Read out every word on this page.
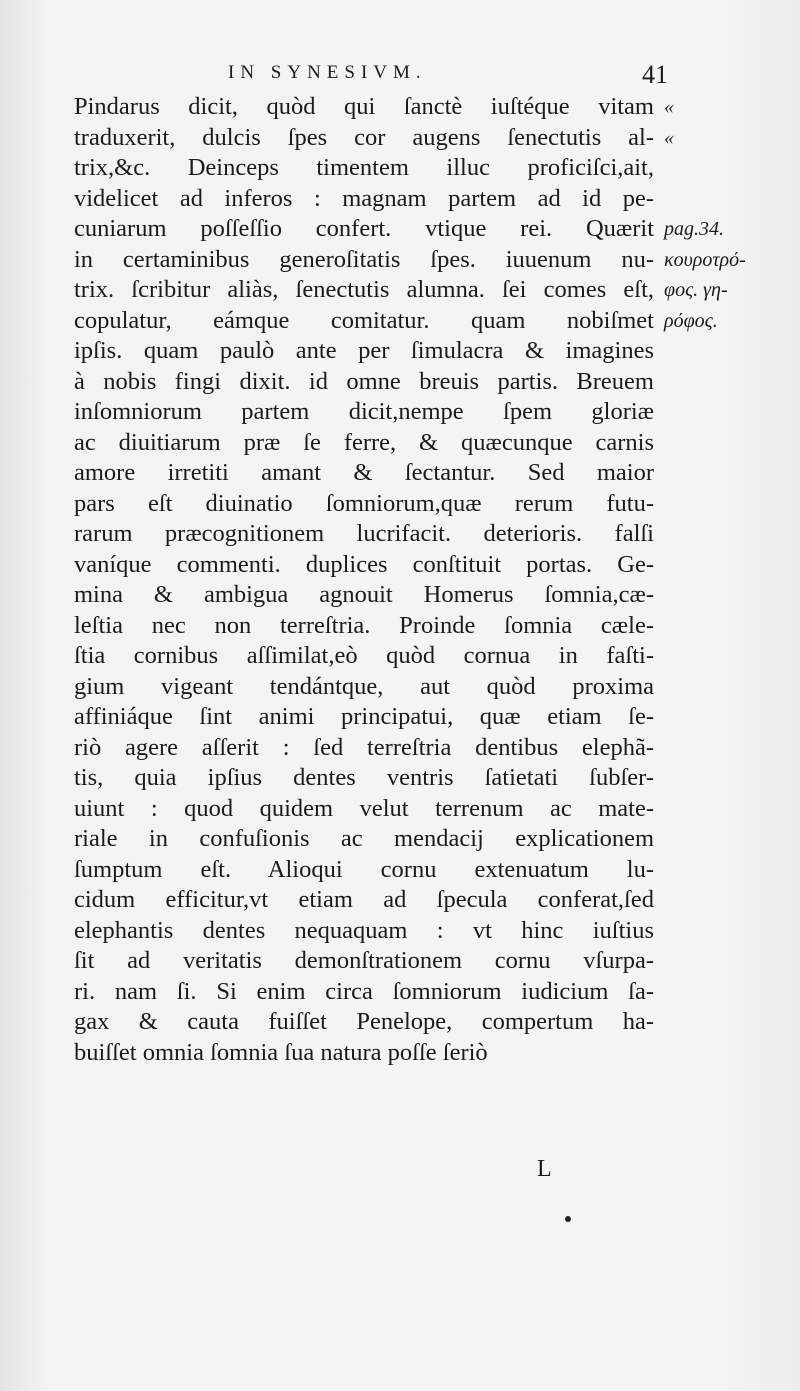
IN SYNESIVM.	41
Pindarus dicit, quòd qui ſanctè iuſtéque vitam
traduxerit, dulcis ſpes cor augens ſenectutis al-
trix,&c. Deinceps timentem illuc proficiſci,ait,
videlicet ad inferos : magnam partem ad id pe-
cuniarum poſſeſſio confert. vtique rei. Quærit
in certaminibus generoſitatis ſpes. iuuenum nu-
trix. ſcribitur aliàs, ſenectutis alumna. ſei comes eſt,
copulatur, eámque comitatur. quam nobiſmet
ipſis. quam paulò ante per ſimulacra & imagines
à nobis fingi dixit. id omne breuis partis. Breuem
inſomniorum partem dicit,nempe ſpem gloriæ
ac diuitiarum præ ſe ferre, & quæcunque carnis
amore irretiti amant & ſectantur. Sed maior
pars eſt diuinatio ſomniorum,quæ rerum futu-
rarum præcognitionem lucrifacit. deterioris. falſi
vaníque commenti. duplices conſtituit portas. Ge-
mina & ambigua agnouit Homerus ſomnia,cæ-
leſtia nec non terreſtria. Proinde ſomnia cæle-
ſtia cornibus aſſimilat,eò quòd cornua in faſti-
gium vigeant tendántque, aut quòd proxima
affiniáque ſint animi principatui, quæ etiam ſe-
riò agere aſſerit : ſed terreſtria dentibus elephã-
tis, quia ipſius dentes ventris ſatietati ſubſer-
uiunt : quod quidem velut terrenum ac mate-
riale in confuſionis ac mendacij explicationem
ſumptum eſt. Alioqui cornu extenuatum lu-
cidum efficitur,vt etiam ad ſpecula conferat,ſed
elephantis dentes nequaquam : vt hinc iuſtius
ſit ad veritatis demonſtrationem cornu vſurpa-
ri. nam ſi. Si enim circa ſomniorum iudicium ſa-
gax & cauta fuiſſet Penelope, compertum ha-
buiſſet omnia ſomnia ſua natura poſſe ſeriò
«
«
pag.34.
κουροτρό-
φος. γη-
ρόφος.
L
